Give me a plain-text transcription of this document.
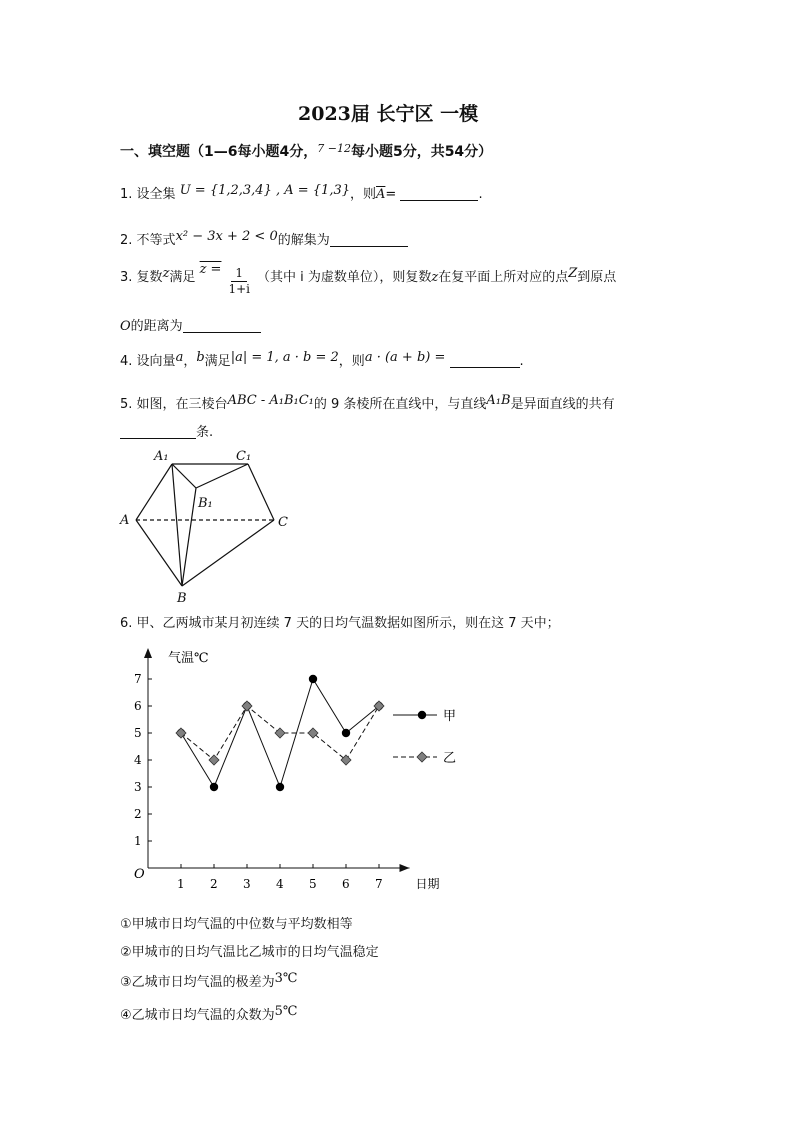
2023届 长宁区 一模
一、填空题（1—6每小题4分，$^{7 -12}$每小题5分，共54分）
1. 设全集 U = {1,2,3,4} , A = {1,3}，则$\overline{A}=$	.
2. 不等式x² − 3x + 2 < 0的解集为
3. 复数z满足 $z = \frac{1}{1+i}$ （其中 i 为虚数单位），则复数z在复平面上所对应的点Z到原点
O的距离为
4. 设向量a，b满足|a| = 1, a · b = 2，则a · (a + b) =	.
5. 如图，在三棱台ABC - A₁B₁C₁的 9 条棱所在直线中，与直线A₁B是异面直线的共有
条.
A₁	C₁
B₁
A	C
B
6. 甲、乙两城市某月初连续 7 天的日均气温数据如图所示，则在这 7 天中；
气温℃
日期
O
1
2
3
4
5
6
7
1 2 3 4 5 6 7
甲
乙
①甲城市日均气温的中位数与平均数相等
②甲城市的日均气温比乙城市的日均气温稳定
③乙城市日均气温的极差为3℃
④乙城市日均气温的众数为5℃
